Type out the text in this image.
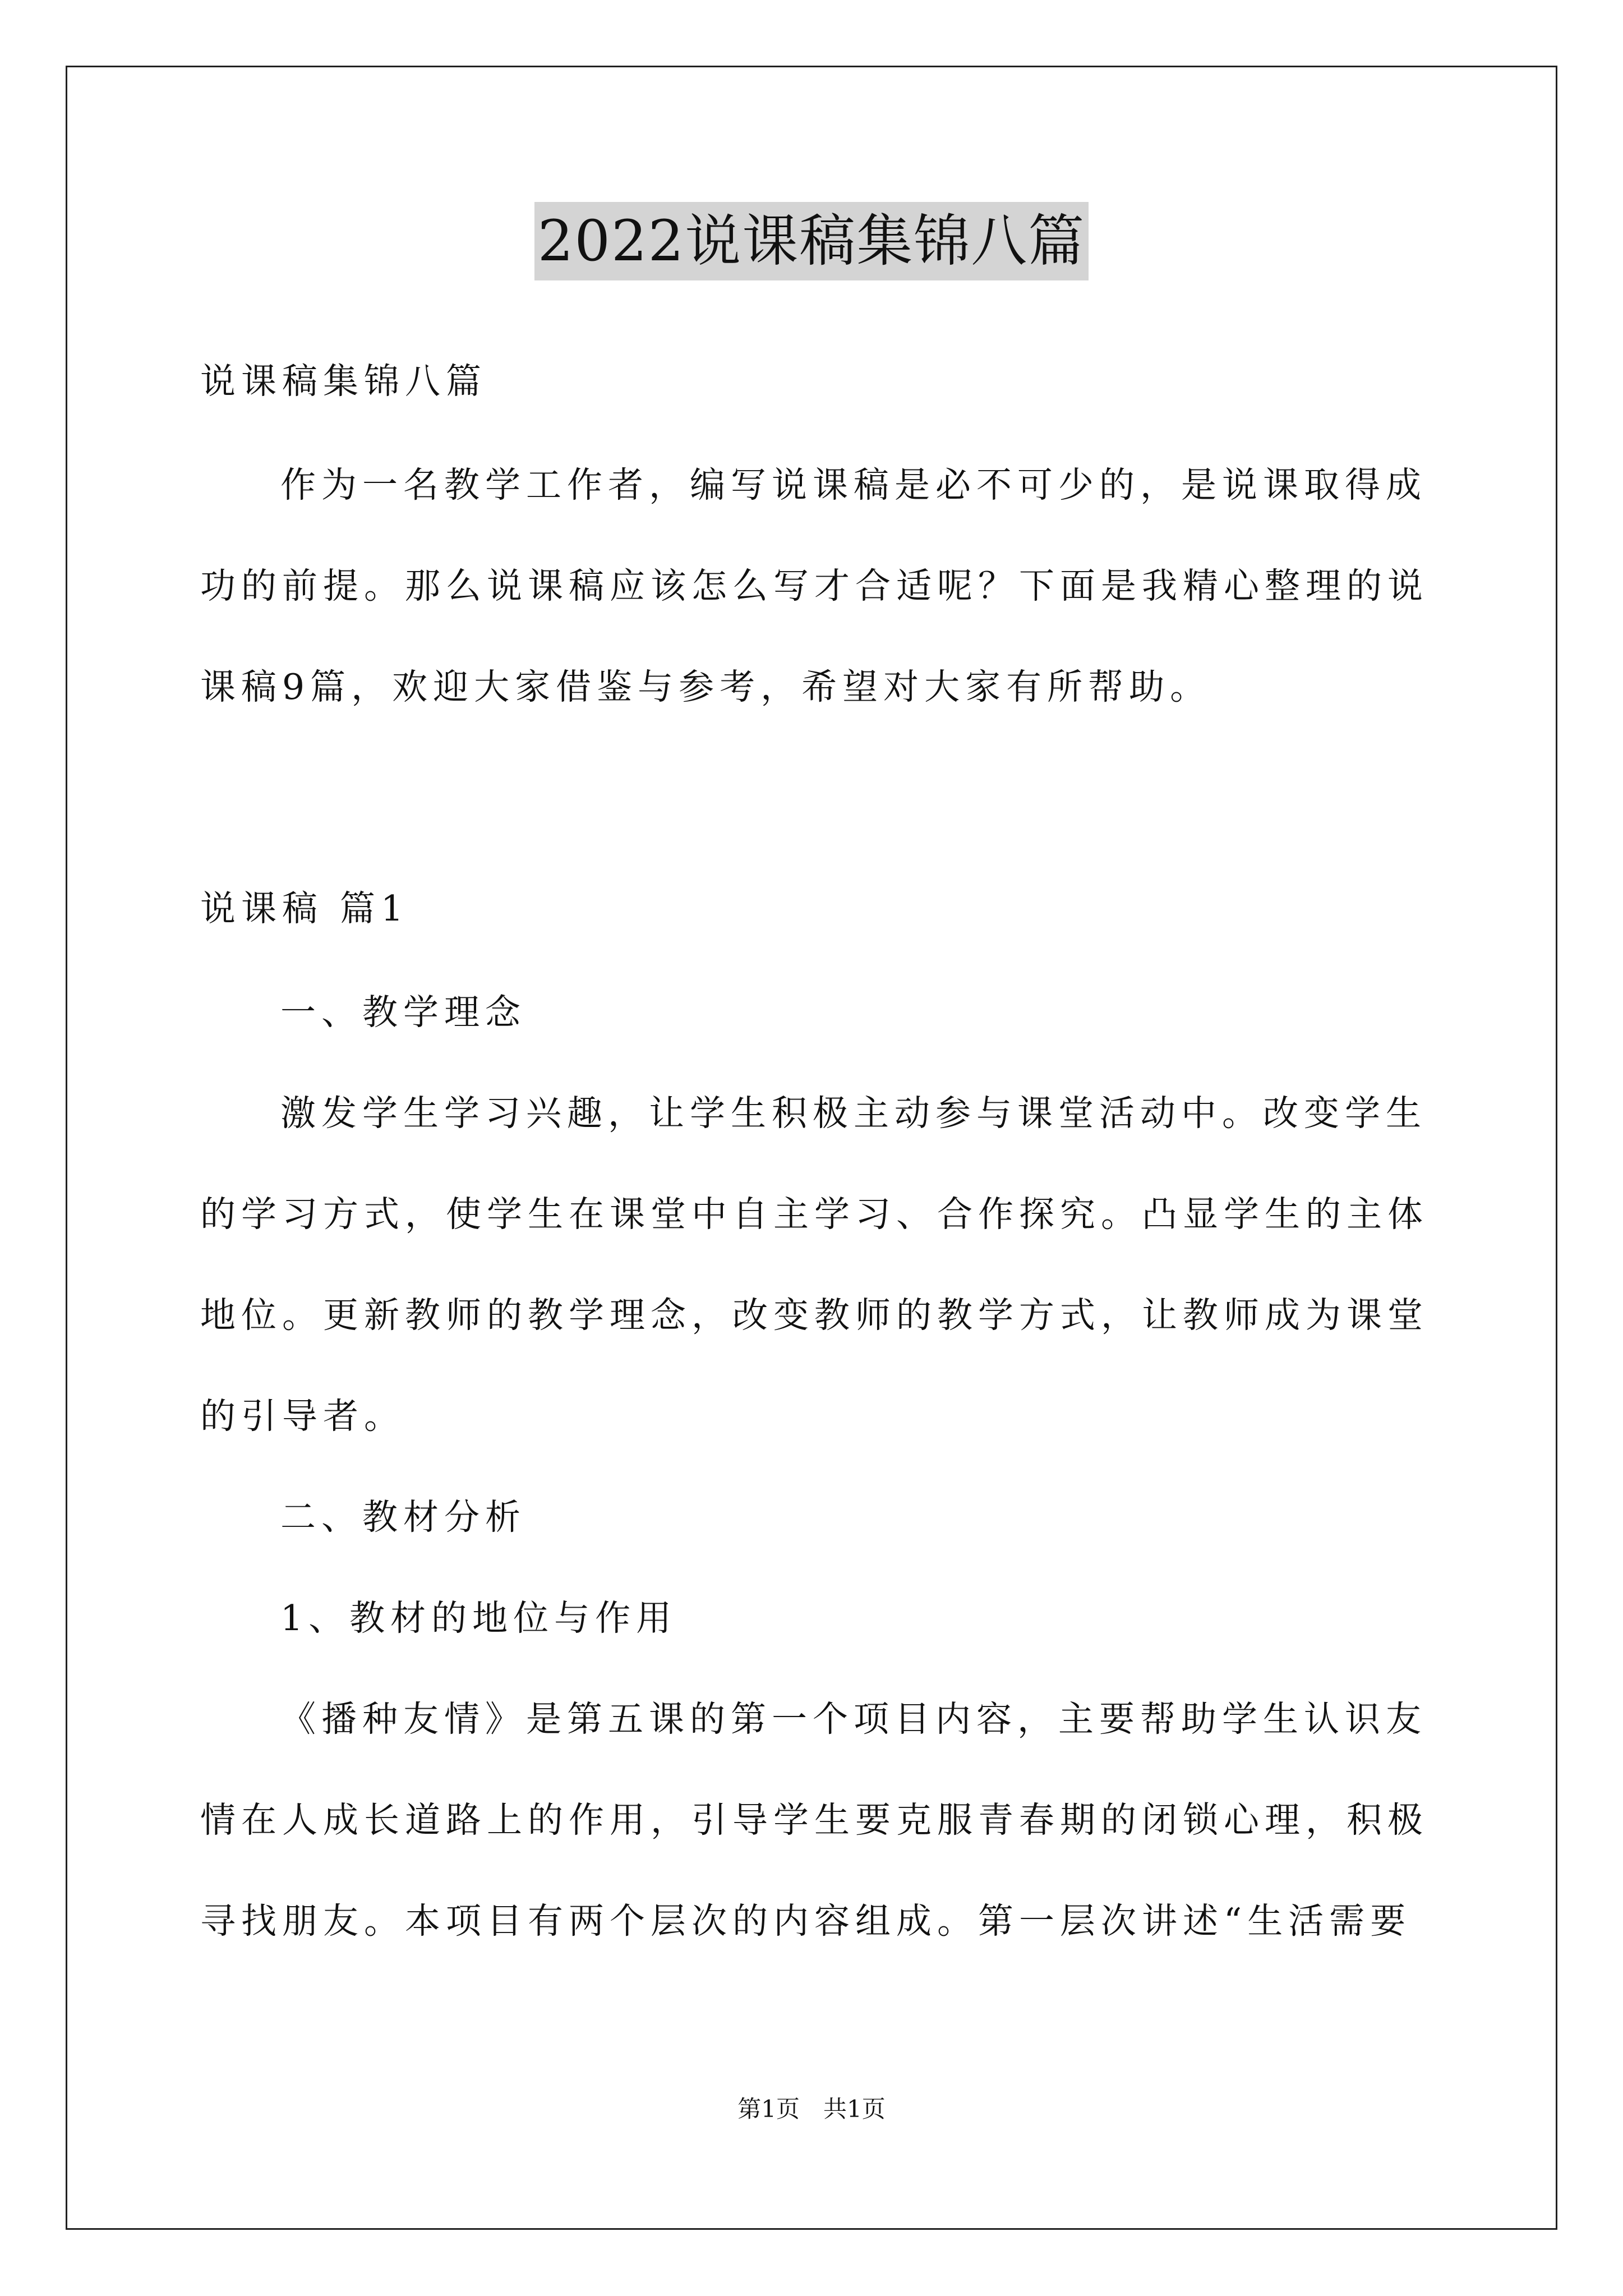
2022说课稿集锦八篇
说课稿集锦八篇
作为一名教学工作者，编写说课稿是必不可少的，是说课取得成
功的前提。那么说课稿应该怎么写才合适呢？下面是我精心整理的说
课稿9篇，欢迎大家借鉴与参考，希望对大家有所帮助。
说课稿 篇1
一、教学理念
激发学生学习兴趣，让学生积极主动参与课堂活动中。改变学生
的学习方式，使学生在课堂中自主学习、合作探究。凸显学生的主体
地位。更新教师的教学理念，改变教师的教学方式，让教师成为课堂
的引导者。
二、教材分析
1、教材的地位与作用
《播种友情》是第五课的第一个项目内容，主要帮助学生认识友
情在人成长道路上的作用，引导学生要克服青春期的闭锁心理，积极
寻找朋友。本项目有两个层次的内容组成。第一层次讲述“生活需要
第1页　共1页
